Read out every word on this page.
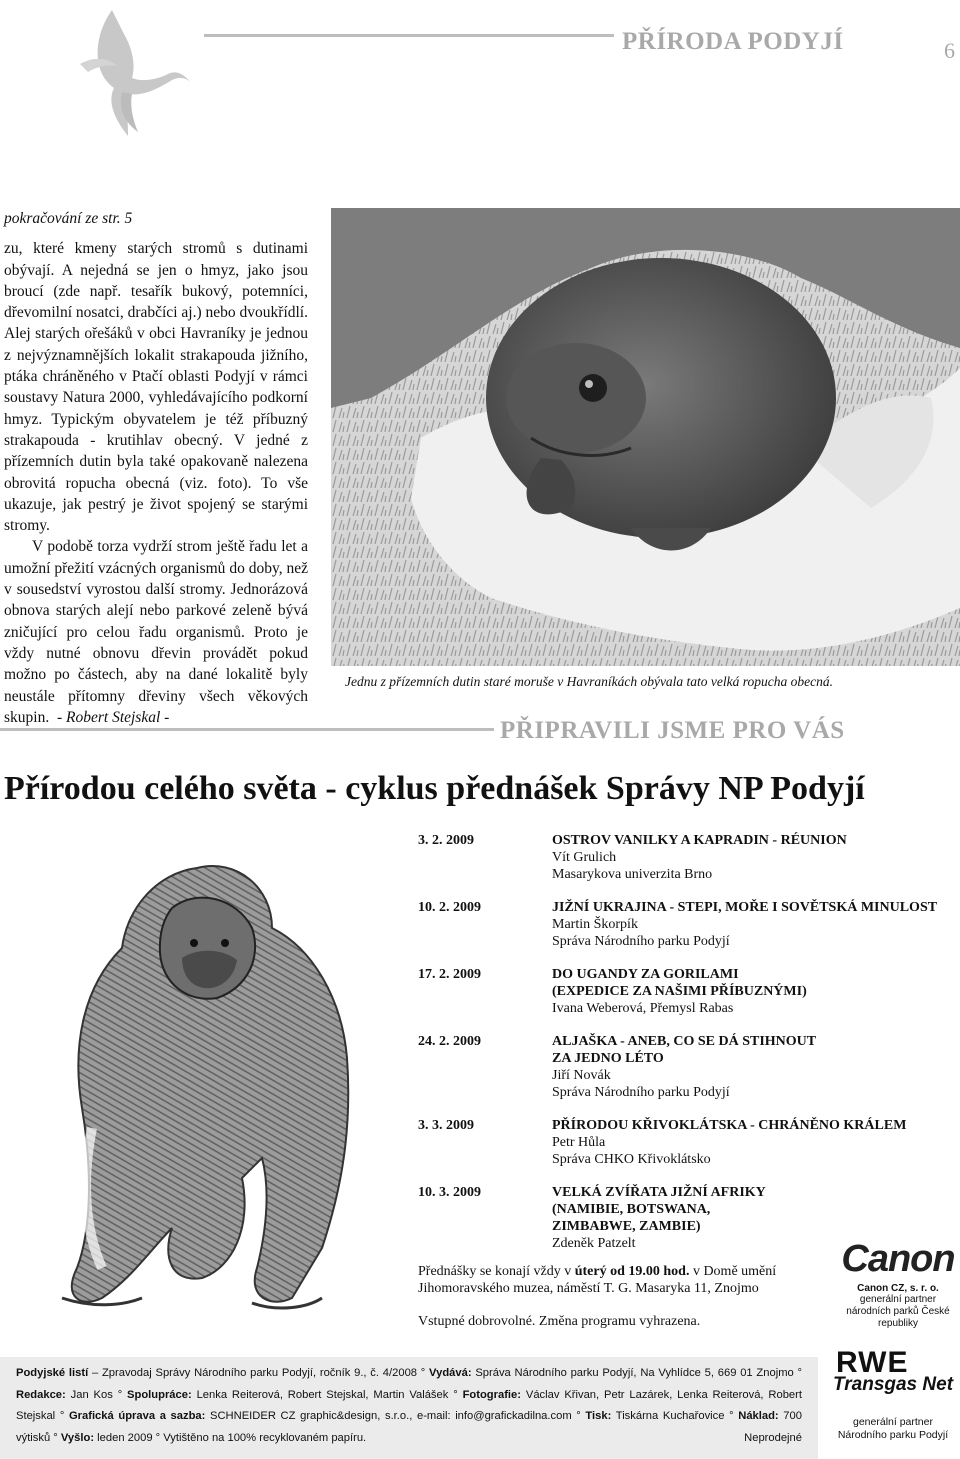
PŘÍRODA PODYJÍ	6
pokračování ze str. 5

zu, které kmeny starých stromů s dutinami obývají. A nejedná se jen o hmyz, jako jsou broucí (zde např. tesařík bukový, potemníci, dřevomilní nosatci, drabčíci aj.) nebo dvoukřídlí. Alej starých ořešáků v obci Havraníky je jednou z nejvýznamnějších lokalit strakapouda jižního, ptáka chráněného v Ptačí oblasti Podyjí v rámci soustavy Natura 2000, vyhledávajícího podkorní hmyz. Typickým obyvatelem je též příbuzný strakapouda - krutihlav obecný. V jedné z přízemních dutin byla také opakovaně nalezena obrovitá ropucha obecná (viz. foto). To vše ukazuje, jak pestrý je život spojený se starými stromy.

V podobě torza vydrží strom ještě řadu let a umožní přežití vzácných organismů do doby, než v sousedství vyrostou další stromy. Jednorázová obnova starých alejí nebo parkové zeleně bývá zničující pro celou řadu organismů. Proto je vždy nutné obnovu dřevin provádět pokud možno po částech, aby na dané lokalitě byly neustále přítomny dřeviny všech věkových skupin. - Robert Stejskal -

Jednu z přízemních dutin staré moruše v Havraníkách obývala tato velká ropucha obecná.
PŘIPRAVILI JSME PRO VÁS
Přírodou celého světa - cyklus přednášek Správy NP Podyjí
3. 2. 2009	OSTROV VANILKY A KAPRADIN - RÉUNION
Vít Grulich
Masarykova univerzita Brno
10. 2. 2009	JIŽNÍ UKRAJINA - STEPI, MOŘE I SOVĚTSKÁ MINULOST
Martin Škorpík
Správa Národního parku Podyjí
17. 2. 2009	DO UGANDY ZA GORILAMI
(EXPEDICE ZA NAŠIMI PŘÍBUZNÝMI)
Ivana Weberová, Přemysl Rabas
24. 2. 2009	ALJAŠKA - ANEB, CO SE DÁ STIHNOUT
ZA JEDNO LÉTO
Jiří Novák
Správa Národního parku Podyjí
3. 3. 2009	PŘÍRODOU KŘIVOKLÁTSKA - CHRÁNĚNO KRÁLEM
Petr Hůla
Správa CHKO Křivoklátsko
10. 3. 2009	VELKÁ ZVÍŘATA JIŽNÍ AFRIKY
(NAMIBIE, BOTSWANA,
ZIMBABWE, ZAMBIE)
Zdeněk Patzelt
Přednášky se konají vždy v úterý od 19.00 hod. v Domě umění Jihomoravského muzea, náměstí T. G. Masaryka 11, Znojmo
Vstupné dobrovolné. Změna programu vyhrazena.
Canon
Canon CZ, s. r. o.
generální partner
národních parků České republiky
Podyjské listí – Zpravodaj Správy Národního parku Podyjí, ročník 9., č. 4/2008 ° Vydává: Správa Národního parku Podyjí, Na Vyhlídce 5, 669 01 Znojmo ° Redakce: Jan Kos ° Spolupráce: Lenka Reiterová, Robert Stejskal, Martin Valášek ° Fotografie: Václav Křivan, Petr Lazárek, Lenka Reiterová, Robert Stejskal ° Grafická úprava a sazba: SCHNEIDER CZ graphic&design, s.r.o., e-mail: info@grafickadilna.com ° Tisk: Tiskárna Kuchařovice ° Náklad: 700 výtisků ° Vyšlo: leden 2009 ° Vytištěno na 100% recyklovaném papíru.	Neprodejné
RWE
Transgas Net
generální partner
Národního parku Podyjí
